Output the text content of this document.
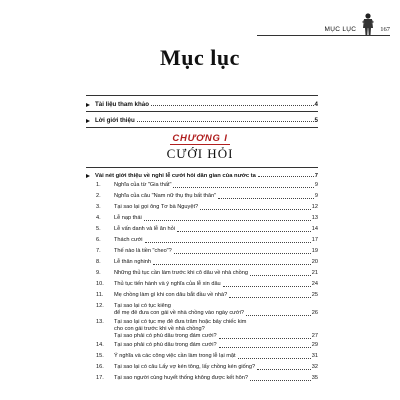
MỤC LỤC	167
Mục lục
Tài liệu tham khảo	4
Lời giới thiệu	5
CHƯƠNG I
CƯỚI HỎI
Vài nét giới thiệu về nghi lễ cưới hỏi dân gian của nước ta	7
1. Nghĩa của từ "Gia thất"	9
2. Nghĩa của câu "Nam nữ thụ thụ bất thân"	9
3. Tại sao lại gọi ông Tơ bà Nguyệt?	12
4. Lễ nạp thái	13
5. Lễ vấn danh và lễ ăn hỏi	14
6. Thách cưới	17
7. Thế nào là tiền "cheo"?	19
8. Lễ thân nghinh	20
9. Những thủ tục cần làm trước khi cô dâu về nhà chồng	21
10. Thủ tục tiến hành và ý nghĩa của lễ xin dâu	24
11. Mẹ chồng làm gì khi con dâu bắt đầu về nhà?	25
12. Tại sao lại có tục kiêng
để mẹ đẻ đưa con gái về nhà chồng vào ngày cưới?	26
13. Tại sao lại có tục mẹ đẻ đưa trâm hoặc bảy chiếc kim
cho con gái trước khi về nhà chồng?
Tại sao phải có phù dâu trong đám cưới?	27
14. Tại sao phải có phù dâu trong đám cưới?	29
15. Ý nghĩa và các công việc cần làm trong lễ lại mặt	31
16. Tại sao lại có câu Lấy vợ kén tông, lấy chồng kén giống?	32
17. Tại sao người cùng huyết thống không được kết hôn?	35
